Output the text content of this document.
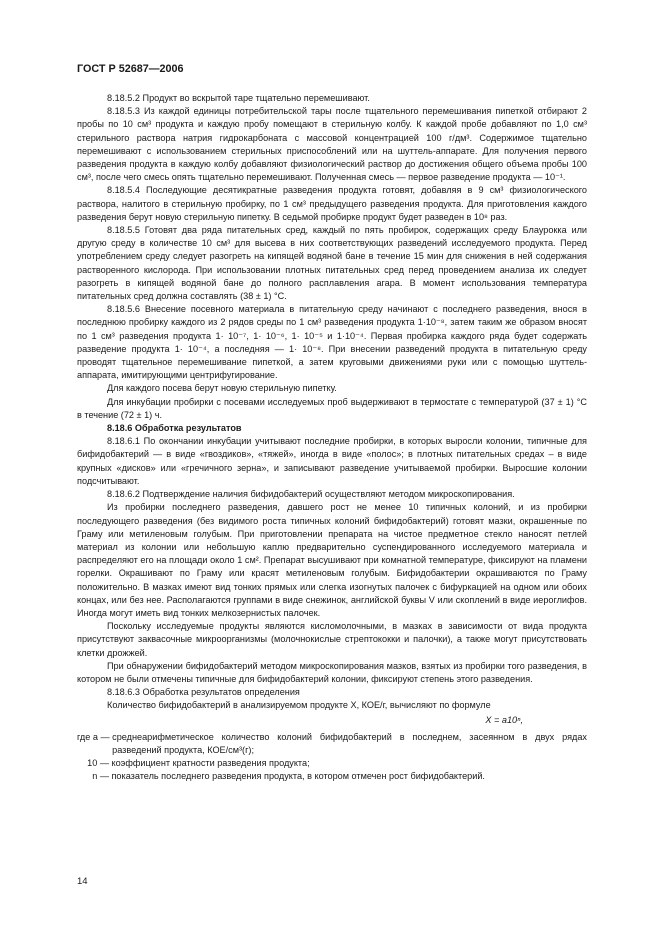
ГОСТ Р 52687—2006

8.18.5.2 Продукт во вскрытой таре тщательно перемешивают.

8.18.5.3 Из каждой единицы потребительской тары после тщательного перемешивания пипеткой отбирают 2 пробы по 10 см³ продукта и каждую пробу помещают в стерильную колбу. К каждой пробе добавляют по 1,0 см³ стерильного раствора натрия гидрокарбоната с массовой концентрацией 100 г/дм³. Содержимое тщательно перемешивают с использованием стерильных приспособлений или на шуттель-аппарате. Для получения первого разведения продукта в каждую колбу добавляют физиологический раствор до достижения общего объема пробы 100 см³, после чего смесь опять тщательно перемешивают. Полученная смесь — первое разведение продукта — 10⁻¹.

8.18.5.4 Последующие десятикратные разведения продукта готовят, добавляя в 9 см³ физиологического раствора, налитого в стерильную пробирку, по 1 см³ предыдущего разведения продукта. Для приготовления каждого разведения берут новую стерильную пипетку. В седьмой пробирке продукт будет разведен в 10⁸ раз.

8.18.5.5 Готовят два ряда питательных сред, каждый по пять пробирок, содержащих среду Блаурокка или другую среду в количестве 10 см³ для высева в них соответствующих разведений исследуемого продукта. Перед употреблением среду следует разогреть на кипящей водяной бане в течение 15 мин для снижения в ней содержания растворенного кислорода. При использовании плотных питательных сред перед проведением анализа их следует разогреть в кипящей водяной бане до полного расплавления агара. В момент использования температура питательных сред должна составлять (38 ± 1) °С.

8.18.5.6 Внесение посевного материала в питательную среду начинают с последнего разведения, внося в последнюю пробирку каждого из 2 рядов среды по 1 см³ разведения продукта 1·10⁻⁸, затем таким же образом вносят по 1 см³ разведения продукта 1· 10⁻⁷, 1· 10⁻⁶, 1· 10⁻⁵ и 1·10⁻⁴. Первая пробирка каждого ряда будет содержать разведение продукта 1· 10⁻⁴, а последняя — 1· 10⁻⁸. При внесении разведений продукта в питательную среду проводят тщательное перемешивание пипеткой, а затем круговыми движениями руки или с помощью шуттель-аппарата, имитирующими центрифугирование.

Для каждого посева берут новую стерильную пипетку.

Для инкубации пробирки с посевами исследуемых проб выдерживают в термостате с температурой (37 ± 1) °С в течение (72 ± 1) ч.

8.18.6 Обработка результатов

8.18.6.1 По окончании инкубации учитывают последние пробирки, в которых выросли колонии, типичные для бифидобактерий — в виде «гвоздиков», «тяжей», иногда в виде «полос»; в плотных питательных средах – в виде крупных «дисков» или «гречичного зерна», и записывают разведение учитываемой пробирки. Выросшие колонии подсчитывают.

8.18.6.2 Подтверждение наличия бифидобактерий осуществляют методом микроскопирования.

Из пробирки последнего разведения, давшего рост не менее 10 типичных колоний, и из пробирки последующего разведения (без видимого роста типичных колоний бифидобактерий) готовят мазки, окрашенные по Граму или метиленовым голубым. При приготовлении препарата на чистое предметное стекло наносят петлей материал из колонии или небольшую каплю предварительно суспендированного исследуемого материала и распределяют его на площади около 1 см². Препарат высушивают при комнатной температуре, фиксируют на пламени горелки. Окрашивают по Граму или красят метиленовым голубым. Бифидобактерии окрашиваются по Граму положительно. В мазках имеют вид тонких прямых или слегка изогнутых палочек с бифуркацией на одном или обоих концах, или без нее. Располагаются группами в виде снежинок, английской буквы V или скоплений в виде иероглифов. Иногда могут иметь вид тонких мелкозернистых палочек.

Поскольку исследуемые продукты являются кисломолочными, в мазках в зависимости от вида продукта присутствуют заквасочные микроорганизмы (молочнокислые стрептококки и палочки), а также могут присутствовать клетки дрожжей.

При обнаружении бифидобактерий методом микроскопирования мазков, взятых из пробирки того разведения, в котором не были отмечены типичные для бифидобактерий колонии, фиксируют степень этого разведения.

8.18.6.3 Обработка результатов определения

Количество бифидобактерий в анализируемом продукте X, КОЕ/г, вычисляют по формуле

X = a10ⁿ,

где a — среднеарифметическое количество колоний бифидобактерий в последнем, засеянном в двух рядах разведений продукта, КОЕ/см³(г);
10 — коэффициент кратности разведения продукта;
n — показатель последнего разведения продукта, в котором отмечен рост бифидобактерий.
14
